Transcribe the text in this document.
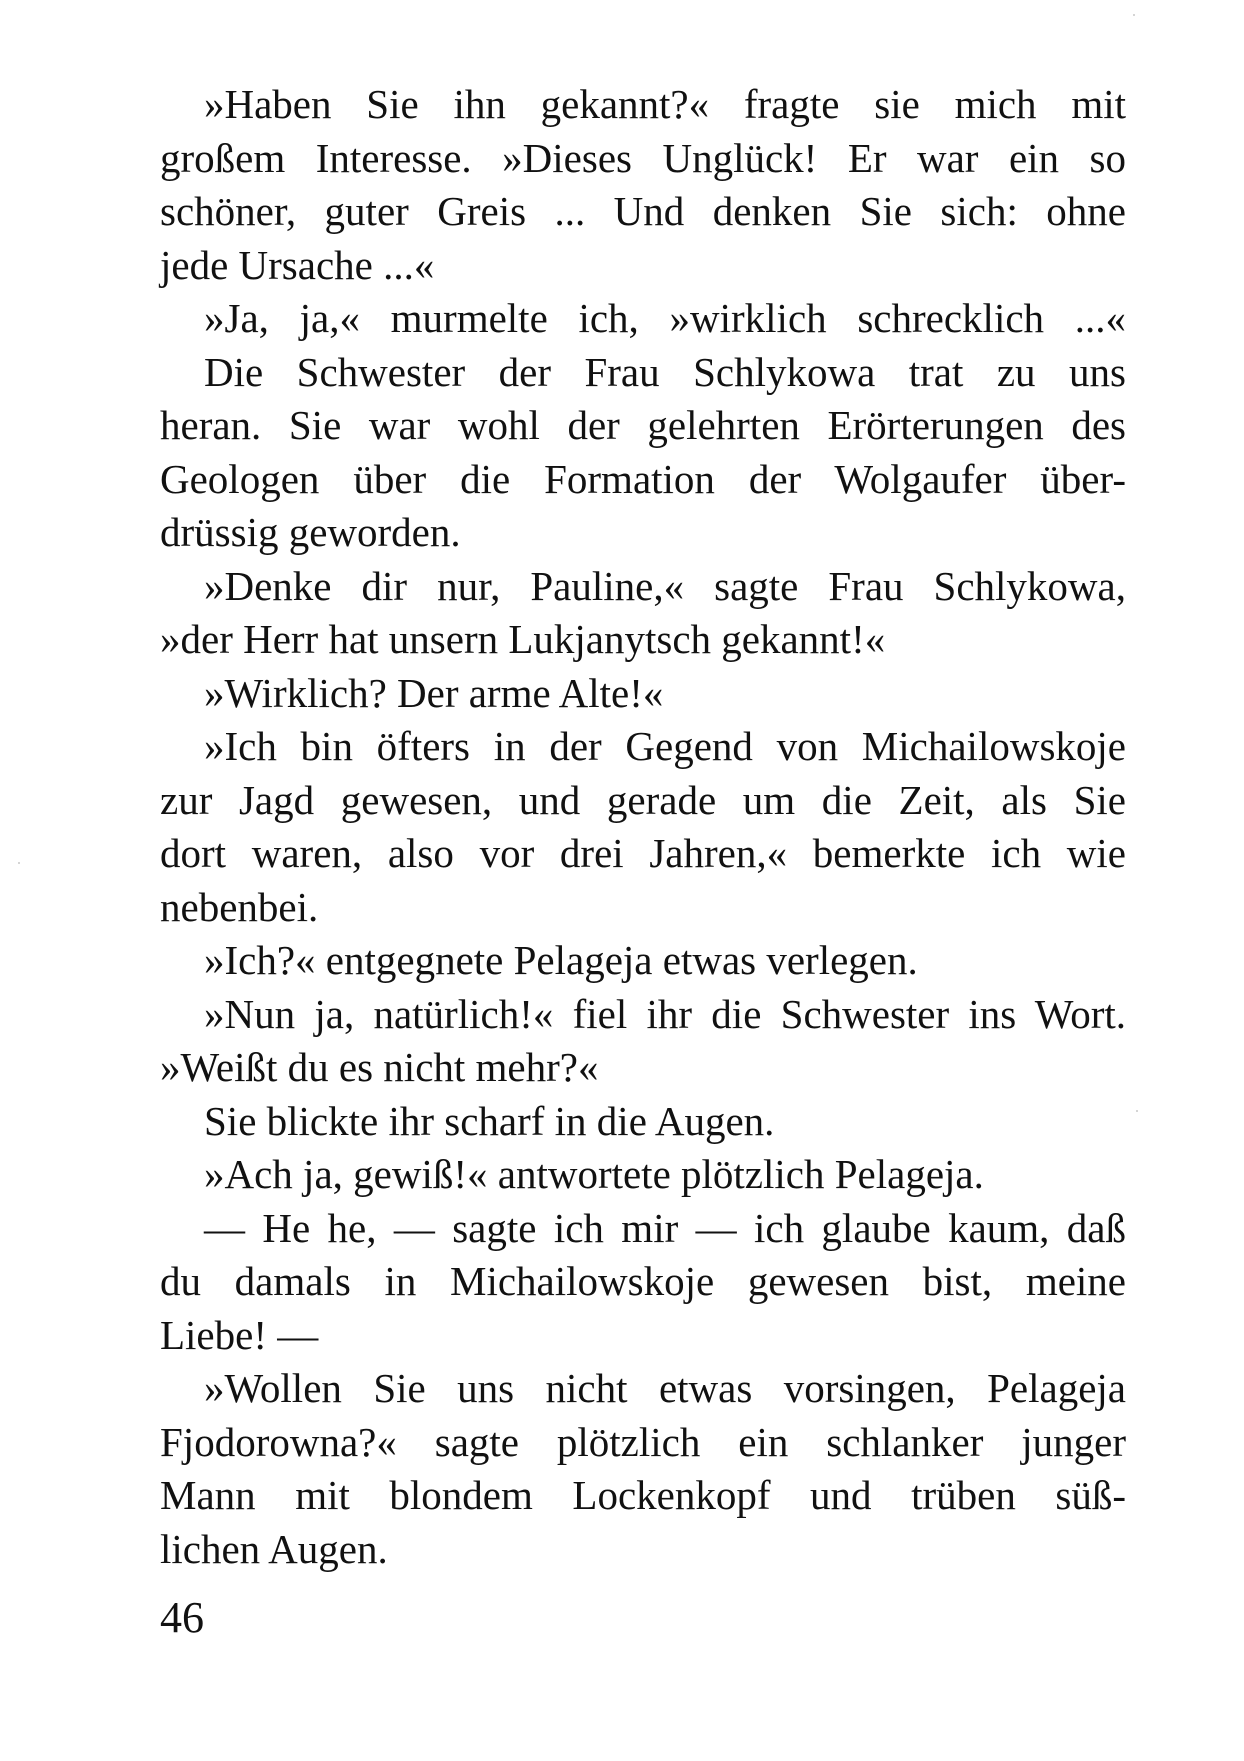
»Haben Sie ihn gekannt?« fragte sie mich mit
großem Interesse. »Dieses Unglück! Er war ein so
schöner, guter Greis ... Und denken Sie sich: ohne
jede Ursache ...«
»Ja, ja,« murmelte ich, »wirklich schrecklich ...«
Die Schwester der Frau Schlykowa trat zu uns
heran. Sie war wohl der gelehrten Erörterungen des
Geologen über die Formation der Wolgaufer über-
drüssig geworden.
»Denke dir nur, Pauline,« sagte Frau Schlykowa,
»der Herr hat unsern Lukjanytsch gekannt!«
»Wirklich? Der arme Alte!«
»Ich bin öfters in der Gegend von Michailowskoje
zur Jagd gewesen, und gerade um die Zeit, als Sie
dort waren, also vor drei Jahren,« bemerkte ich wie
nebenbei.
»Ich?« entgegnete Pelageja etwas verlegen.
»Nun ja, natürlich!« fiel ihr die Schwester ins Wort.
»Weißt du es nicht mehr?«
Sie blickte ihr scharf in die Augen.
»Ach ja, gewiß!« antwortete plötzlich Pelageja.
— He he, — sagte ich mir — ich glaube kaum, daß
du damals in Michailowskoje gewesen bist, meine
Liebe! —
»Wollen Sie uns nicht etwas vorsingen, Pelageja
Fjodorowna?« sagte plötzlich ein schlanker junger
Mann mit blondem Lockenkopf und trüben süß-
lichen Augen.
46
